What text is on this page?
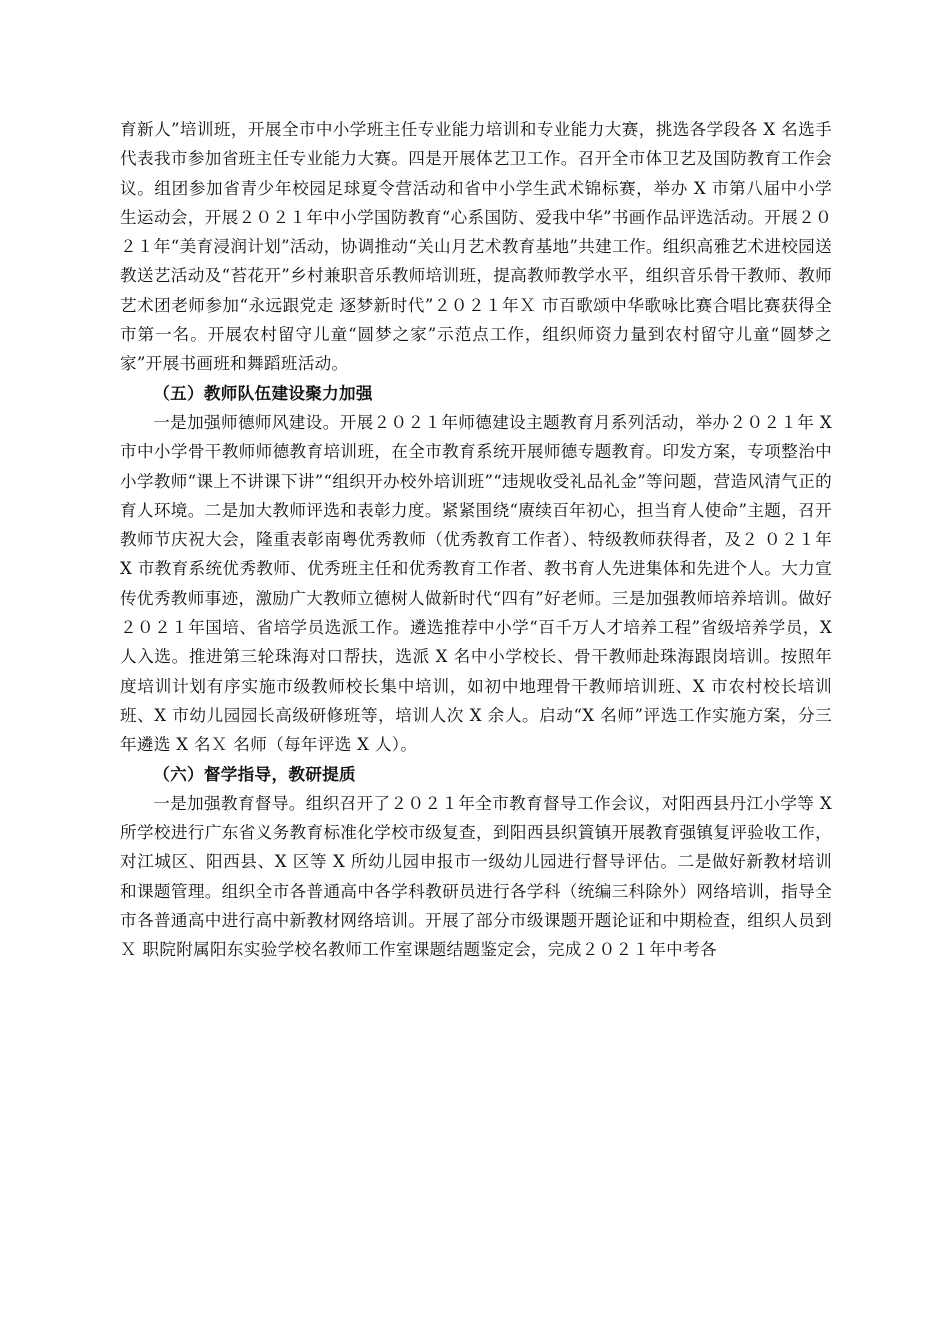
育新人”培训班，开展全市中小学班主任专业能力培训和专业能力大赛，挑选各学段各 X 名选手代表我市参加省班主任专业能力大赛。四是开展体艺卫工作。召开全市体卫艺及国防教育工作会议。组团参加省青少年校园足球夏令营活动和省中小学生武术锦标赛，举办 X 市第八届中小学生运动会，开展２０２１年中小学国防教育“心系国防、爱我中华”书画作品评选活动。开展２０２１年“美育浸润计划”活动，协调推动“关山月艺术教育基地”共建工作。组织高雅艺术进校园送教送艺活动及“苔花开”乡村兼职音乐教师培训班，提高教师教学水平，组织音乐骨干教师、教师艺术团老师参加“永远跟党走 逐梦新时代”２０２１年Ｘ 市百歌颂中华歌咏比赛合唱比赛获得全市第一名。开展农村留守儿童“圆梦之家”示范点工作，组织师资力量到农村留守儿童“圆梦之家”开展书画班和舞蹈班活动。

（五）教师队伍建设聚力加强

一是加强师德师风建设。开展２０２１年师德建设主题教育月系列活动，举办２０２１年 X 市中小学骨干教师师德教育培训班，在全市教育系统开展师德专题教育。印发方案，专项整治中小学教师“课上不讲课下讲”“组织开办校外培训班”“违规收受礼品礼金”等问题，营造风清气正的育人环境。二是加大教师评选和表彰力度。紧紧围绕“赓续百年初心，担当育人使命”主题，召开教师节庆祝大会，隆重表彰南粤优秀教师（优秀教育工作者）、特级教师获得者，及２ ０２１年 X 市教育系统优秀教师、优秀班主任和优秀教育工作者、教书育人先进集体和先进个人。大力宣传优秀教师事迹，激励广大教师立德树人做新时代“四有”好老师。三是加强教师培养培训。做好２０２１年国培、省培学员选派工作。遴选推荐中小学“百千万人才培养工程”省级培养学员，X 人入选。推进第三轮珠海对口帮扶，选派 X 名中小学校长、骨干教师赴珠海跟岗培训。按照年度培训计划有序实施市级教师校长集中培训，如初中地理骨干教师培训班、X 市农村校长培训班、X 市幼儿园园长高级研修班等，培训人次 X 余人。启动“X 名师”评选工作实施方案，分三年遴选 X 名Ｘ 名师（每年评选 X 人）。

（六）督学指导，教研提质

一是加强教育督导。组织召开了２０２１年全市教育督导工作会议，对阳西县丹江小学等 X 所学校进行广东省义务教育标准化学校市级复查，到阳西县织篢镇开展教育强镇复评验收工作，对江城区、阳西县、X 区等 X 所幼儿园申报市一级幼儿园进行督导评估。二是做好新教材培训和课题管理。组织全市各普通高中各学科教研员进行各学科（统编三科除外）网络培训，指导全市各普通高中进行高中新教材网络培训。开展了部分市级课题开题论证和中期检查，组织人员到Ｘ 职院附属阳东实验学校名教师工作室课题结题鉴定会，完成２０２１年中考各
